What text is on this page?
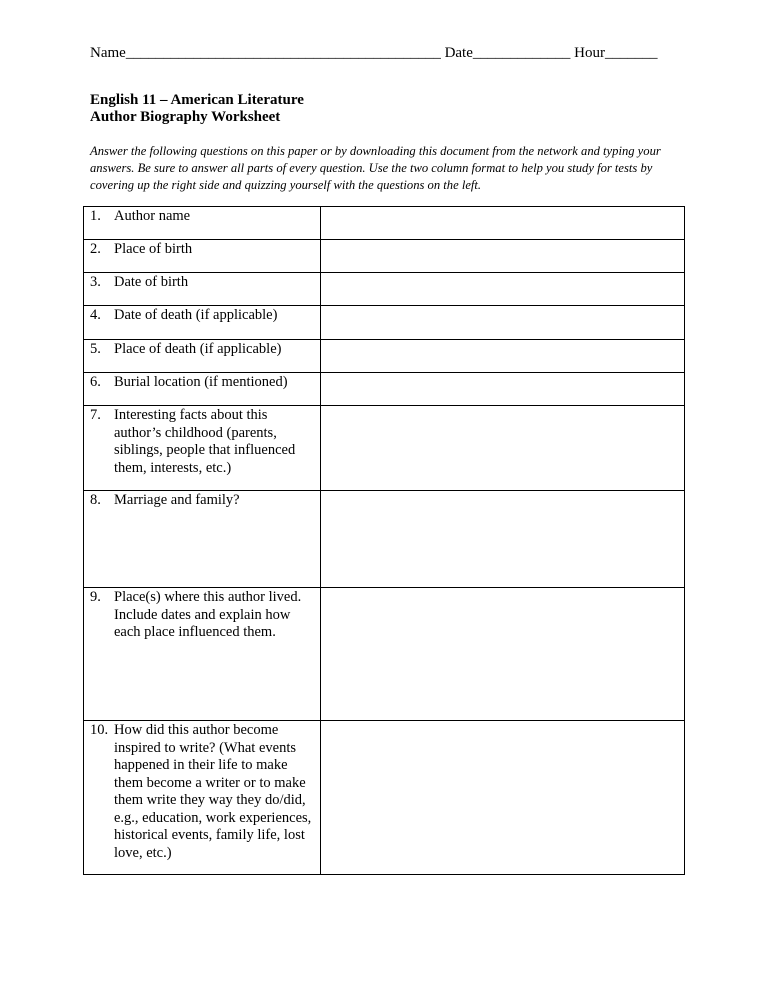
Name__________________________________________ Date_____________ Hour_______
English 11 – American Literature
Author Biography Worksheet
Answer the following questions on this paper or by downloading this document from the network and typing your answers. Be sure to answer all parts of every question. Use the two column format to help you study for tests by covering up the right side and quizzing yourself with the questions on the left.
1. Author name	

2. Place of birth	

3. Date of birth	

4. Date of death (if applicable)	

5. Place of death (if applicable)	

6. Burial location (if mentioned)	

7. Interesting facts about this author’s childhood (parents, siblings, people that influenced them, interests, etc.)	

8. Marriage and family?	

9. Place(s) where this author lived. Include dates and explain how each place influenced them.	

10. How did this author become inspired to write? (What events happened in their life to make them become a writer or to make them write they way they do/did, e.g., education, work experiences, historical events, family life, lost love, etc.)	
